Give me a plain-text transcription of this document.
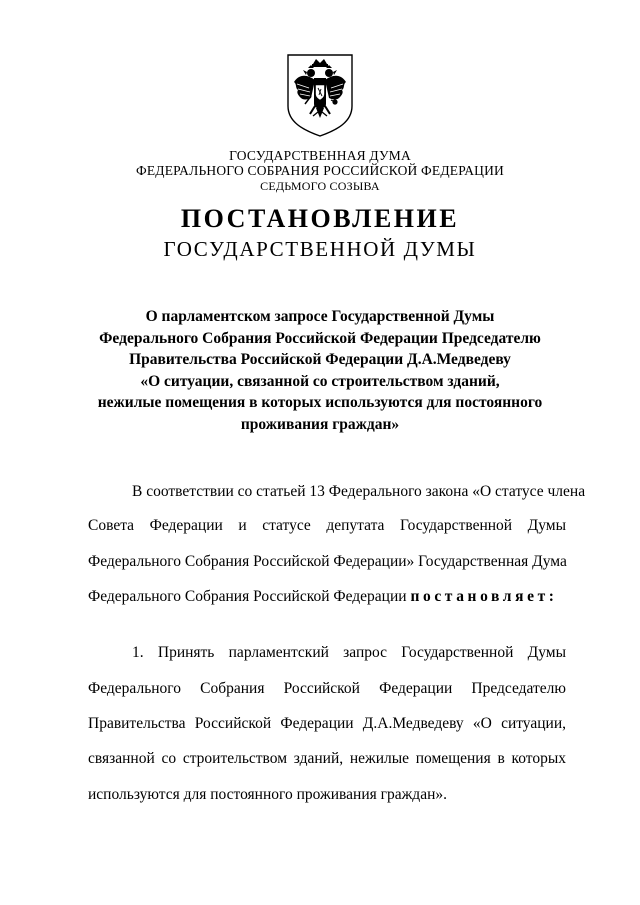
ГОСУДАРСТВЕННАЯ ДУМА
ФЕДЕРАЛЬНОГО СОБРАНИЯ РОССИЙСКОЙ ФЕДЕРАЦИИ
СЕДЬМОГО СОЗЫВА
ПОСТАНОВЛЕНИЕ
ГОСУДАРСТВЕННОЙ ДУМЫ
О парламентском запросе Государственной Думы
Федерального Собрания Российской Федерации Председателю
Правительства Российской Федерации Д.А.Медведеву
«О ситуации, связанной со строительством зданий,
нежилые помещения в которых используются для постоянного
проживания граждан»
В соответствии со статьей 13 Федерального закона «О статусе члена
Совета Федерации и статусе депутата Государственной Думы
Федерального Собрания Российской Федерации» Государственная Дума
Федерального Собрания Российской Федерации постановляет:
1. Принять парламентский запрос Государственной Думы
Федерального Собрания Российской Федерации Председателю
Правительства Российской Федерации Д.А.Медведеву «О ситуации,
связанной со строительством зданий, нежилые помещения в которых
используются для постоянного проживания граждан».
